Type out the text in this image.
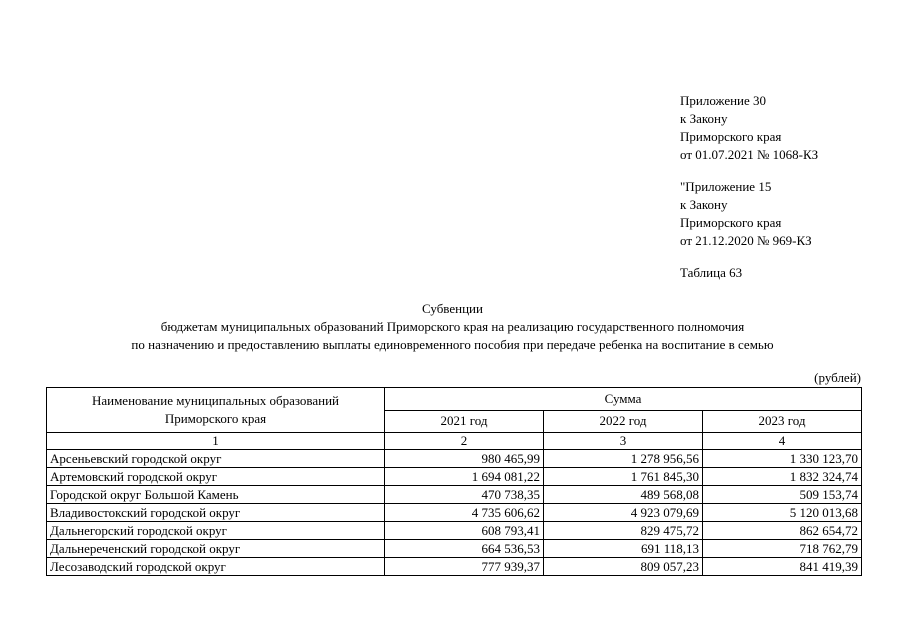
Приложение 30
к Закону
Приморского края
от 01.07.2021 № 1068-КЗ
"Приложение 15
к Закону
Приморского края
от 21.12.2020 № 969-КЗ
Таблица 63
Субвенции
бюджетам муниципальных образований Приморского края на реализацию государственного полномочия
по назначению и предоставлению выплаты единовременного пособия при передаче ребенка на воспитание в семью
(рублей)
Наименование муниципальных образований Приморского края	Сумма		
	2021 год	2022 год	2023 год
1	2	3	4
Арсеньевский городской округ	980 465,99	1 278 956,56	1 330 123,70
Артемовский городской округ	1 694 081,22	1 761 845,30	1 832 324,74
Городской округ Большой Камень	470 738,35	489 568,08	509 153,74
Владивостокский городской округ	4 735 606,62	4 923 079,69	5 120 013,68
Дальнегорский городской округ	608 793,41	829 475,72	862 654,72
Дальнереченский городской округ	664 536,53	691 118,13	718 762,79
Лесозаводский городской округ	777 939,37	809 057,23	841 419,39
